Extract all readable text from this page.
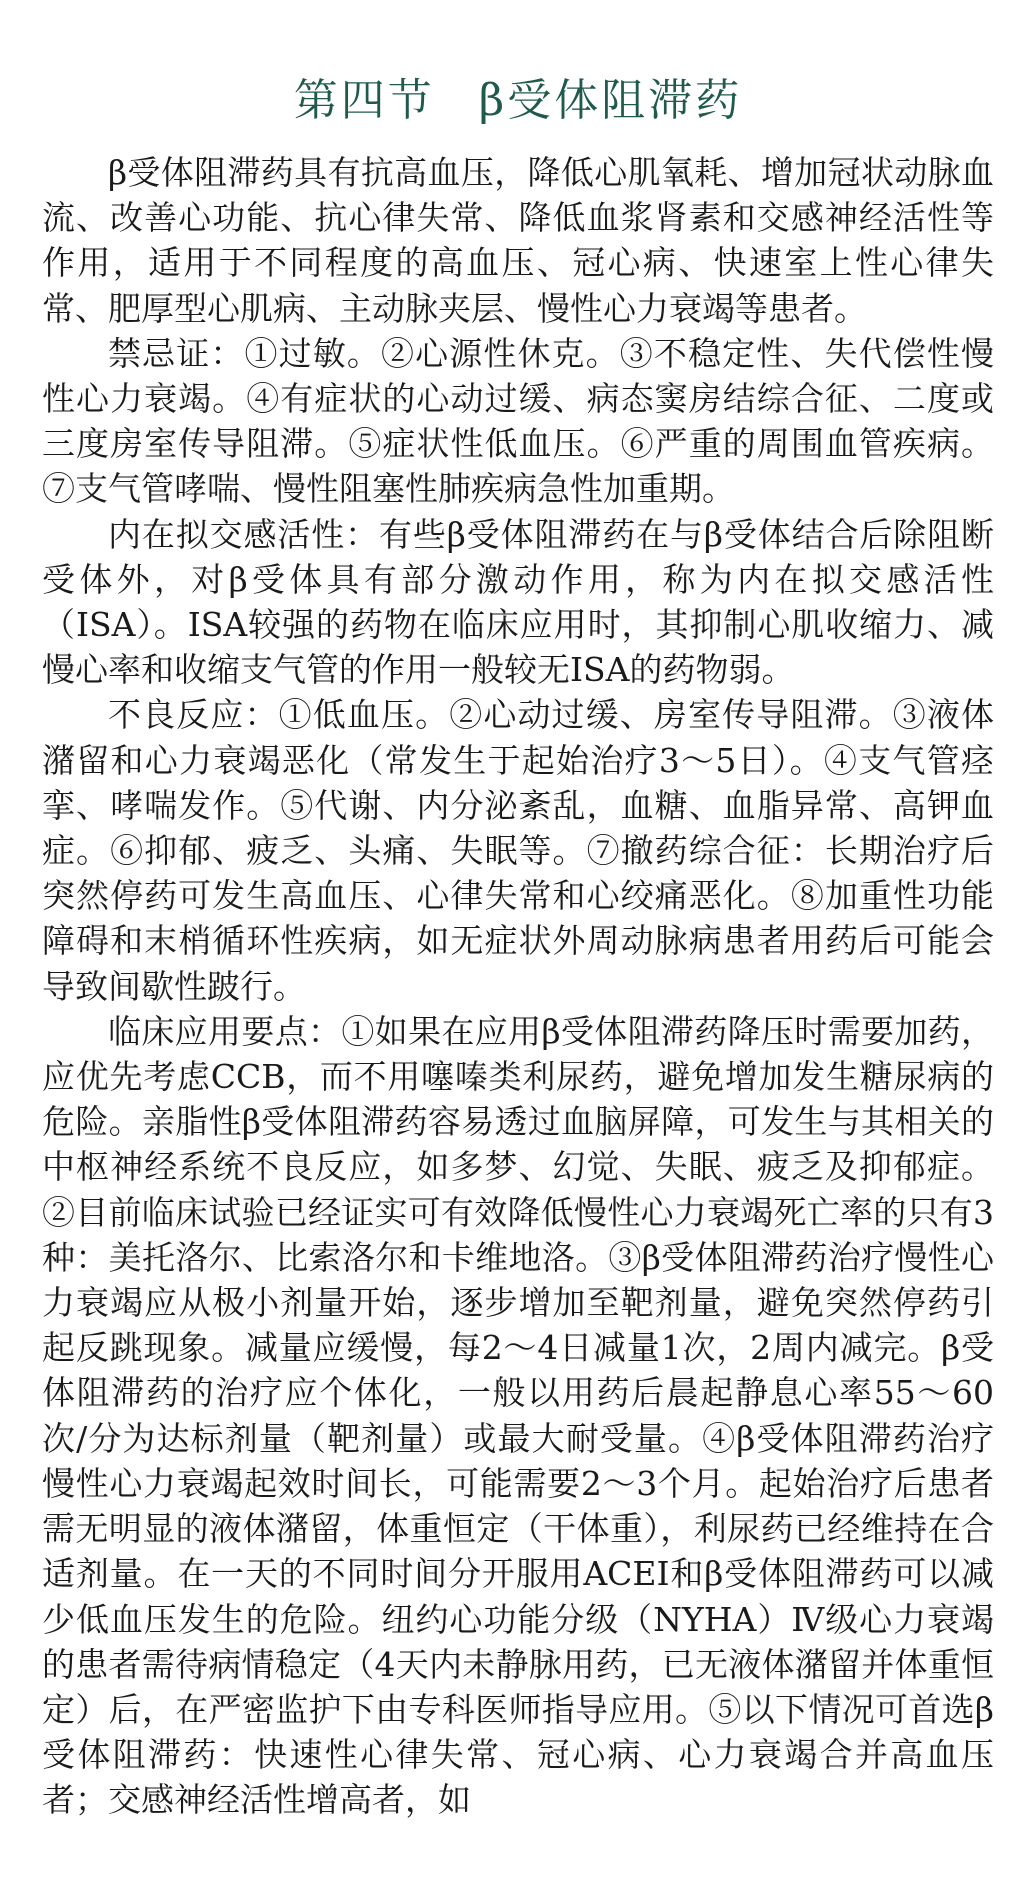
第四节 β受体阻滞药

β受体阻滞药具有抗高血压，降低心肌氧耗、增加冠状动脉血流、改善心功能、抗心律失常、降低血浆肾素和交感神经活性等作用，适用于不同程度的高血压、冠心病、快速室上性心律失常、肥厚型心肌病、主动脉夹层、慢性心力衰竭等患者。

禁忌证：①过敏。②心源性休克。③不稳定性、失代偿性慢性心力衰竭。④有症状的心动过缓、病态窦房结综合征、二度或三度房室传导阻滞。⑤症状性低血压。⑥严重的周围血管疾病。⑦支气管哮喘、慢性阻塞性肺疾病急性加重期。

内在拟交感活性：有些β受体阻滞药在与β受体结合后除阻断受体外，对β受体具有部分激动作用，称为内在拟交感活性（ISA）。ISA较强的药物在临床应用时，其抑制心肌收缩力、减慢心率和收缩支气管的作用一般较无ISA的药物弱。

不良反应：①低血压。②心动过缓、房室传导阻滞。③液体潴留和心力衰竭恶化（常发生于起始治疗3～5日）。④支气管痉挛、哮喘发作。⑤代谢、内分泌紊乱，血糖、血脂异常、高钾血症。⑥抑郁、疲乏、头痛、失眠等。⑦撤药综合征：长期治疗后突然停药可发生高血压、心律失常和心绞痛恶化。⑧加重性功能障碍和末梢循环性疾病，如无症状外周动脉病患者用药后可能会导致间歇性跛行。

临床应用要点：①如果在应用β受体阻滞药降压时需要加药，应优先考虑CCB，而不用噻嗪类利尿药，避免增加发生糖尿病的危险。亲脂性β受体阻滞药容易透过血脑屏障，可发生与其相关的中枢神经系统不良反应，如多梦、幻觉、失眠、疲乏及抑郁症。②目前临床试验已经证实可有效降低慢性心力衰竭死亡率的只有3种：美托洛尔、比索洛尔和卡维地洛。③β受体阻滞药治疗慢性心力衰竭应从极小剂量开始，逐步增加至靶剂量，避免突然停药引起反跳现象。减量应缓慢，每2～4日减量1次，2周内减完。β受体阻滞药的治疗应个体化，一般以用药后晨起静息心率55～60次/分为达标剂量（靶剂量）或最大耐受量。④β受体阻滞药治疗慢性心力衰竭起效时间长，可能需要2～3个月。起始治疗后患者需无明显的液体潴留，体重恒定（干体重），利尿药已经维持在合适剂量。在一天的不同时间分开服用ACEI和β受体阻滞药可以减少低血压发生的危险。纽约心功能分级（NYHA）Ⅳ级心力衰竭的患者需待病情稳定（4天内未静脉用药，已无液体潴留并体重恒定）后，在严密监护下由专科医师指导应用。⑤以下情况可首选β受体阻滞药：快速性心律失常、冠心病、心力衰竭合并高血压者；交感神经活性增高者，如
